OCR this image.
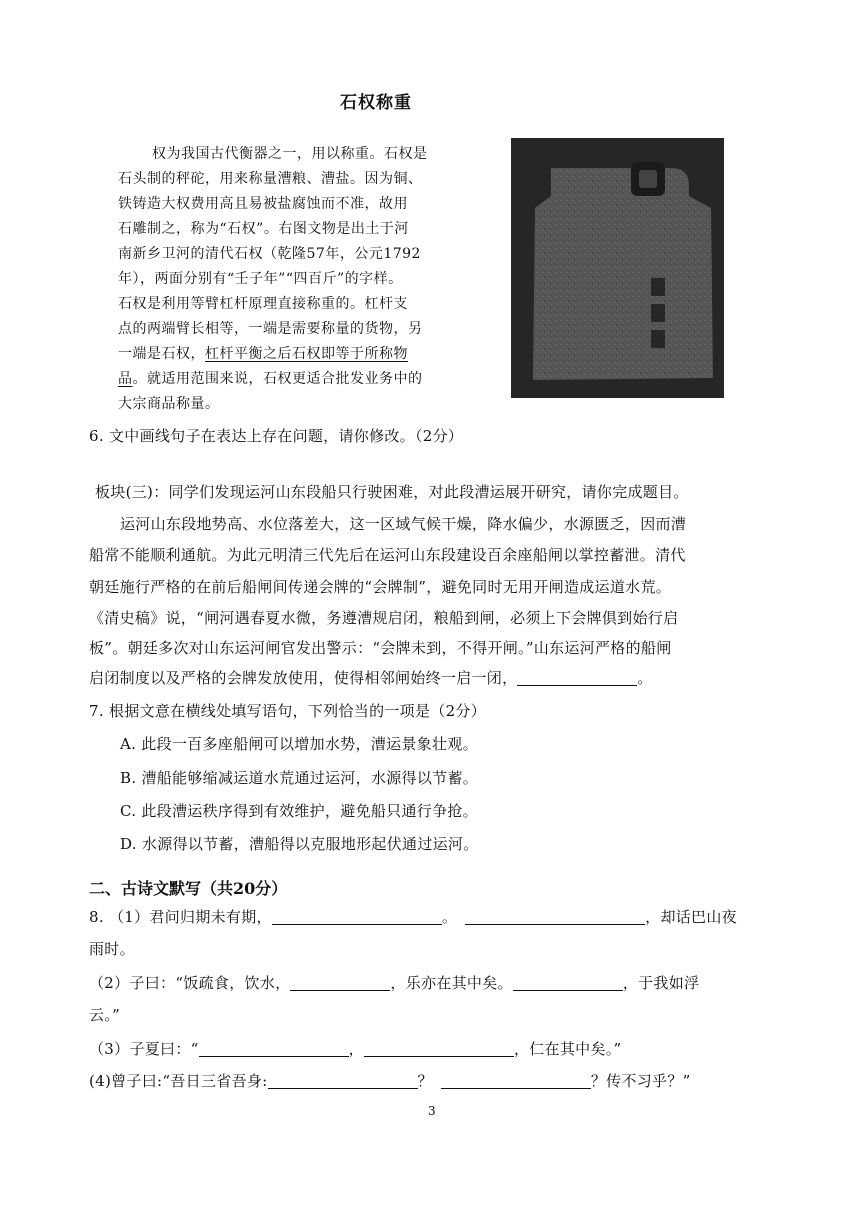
石权称重
权为我国古代衡器之一，用以称重。石权是
石头制的秤砣，用来称量漕粮、漕盐。因为铜、
铁铸造大权费用高且易被盐腐蚀而不准，故用
石雕制之，称为“石权”。右图文物是出土于河
南新乡卫河的清代石权（乾隆57年，公元1792
年），两面分别有“壬子年”“四百斤”的字样。
石权是利用等臂杠杆原理直接称重的。杠杆支
点的两端臂长相等，一端是需要称量的货物，另
一端是石权，杠杆平衡之后石权即等于所称物
品。就适用范围来说，石权更适合批发业务中的
大宗商品称量。
6. 文中画线句子在表达上存在问题，请你修改。（2分）
板块(三)：同学们发现运河山东段船只行驶困难，对此段漕运展开研究，请你完成题目。
运河山东段地势高、水位落差大，这一区域气候干燥，降水偏少，水源匮乏，因而漕
船常不能顺利通航。为此元明清三代先后在运河山东段建设百余座船闸以掌控蓄泄。清代
朝廷施行严格的在前后船闸间传递会牌的“会牌制”，避免同时无用开闸造成运道水荒。
《清史稿》说，“闸河遇春夏水微，务遵漕规启闭，粮船到闸，必须上下会牌俱到始行启
板”。朝廷多次对山东运河闸官发出警示：“会牌未到，不得开闸。”山东运河严格的船闸
启闭制度以及严格的会牌发放使用，使得相邻闸始终一启一闭，	。
7. 根据文意在横线处填写语句，下列恰当的一项是（2分）
A. 此段一百多座船闸可以增加水势，漕运景象壮观。
B. 漕船能够缩减运道水荒通过运河，水源得以节蓄。
C. 此段漕运秩序得到有效维护，避免船只通行争抢。
D. 水源得以节蓄，漕船得以克服地形起伏通过运河。
二、古诗文默写（共20分）
8. （1）君问归期未有期，	。	，却话巴山夜
雨时。
（2）子曰：“饭疏食，饮水，	，乐亦在其中矣。	，于我如浮
云。”
（3）子夏曰：“	，	，仁在其中矣。”
(4)曾子曰:“吾日三省吾身:	？	？传不习乎？”
3
